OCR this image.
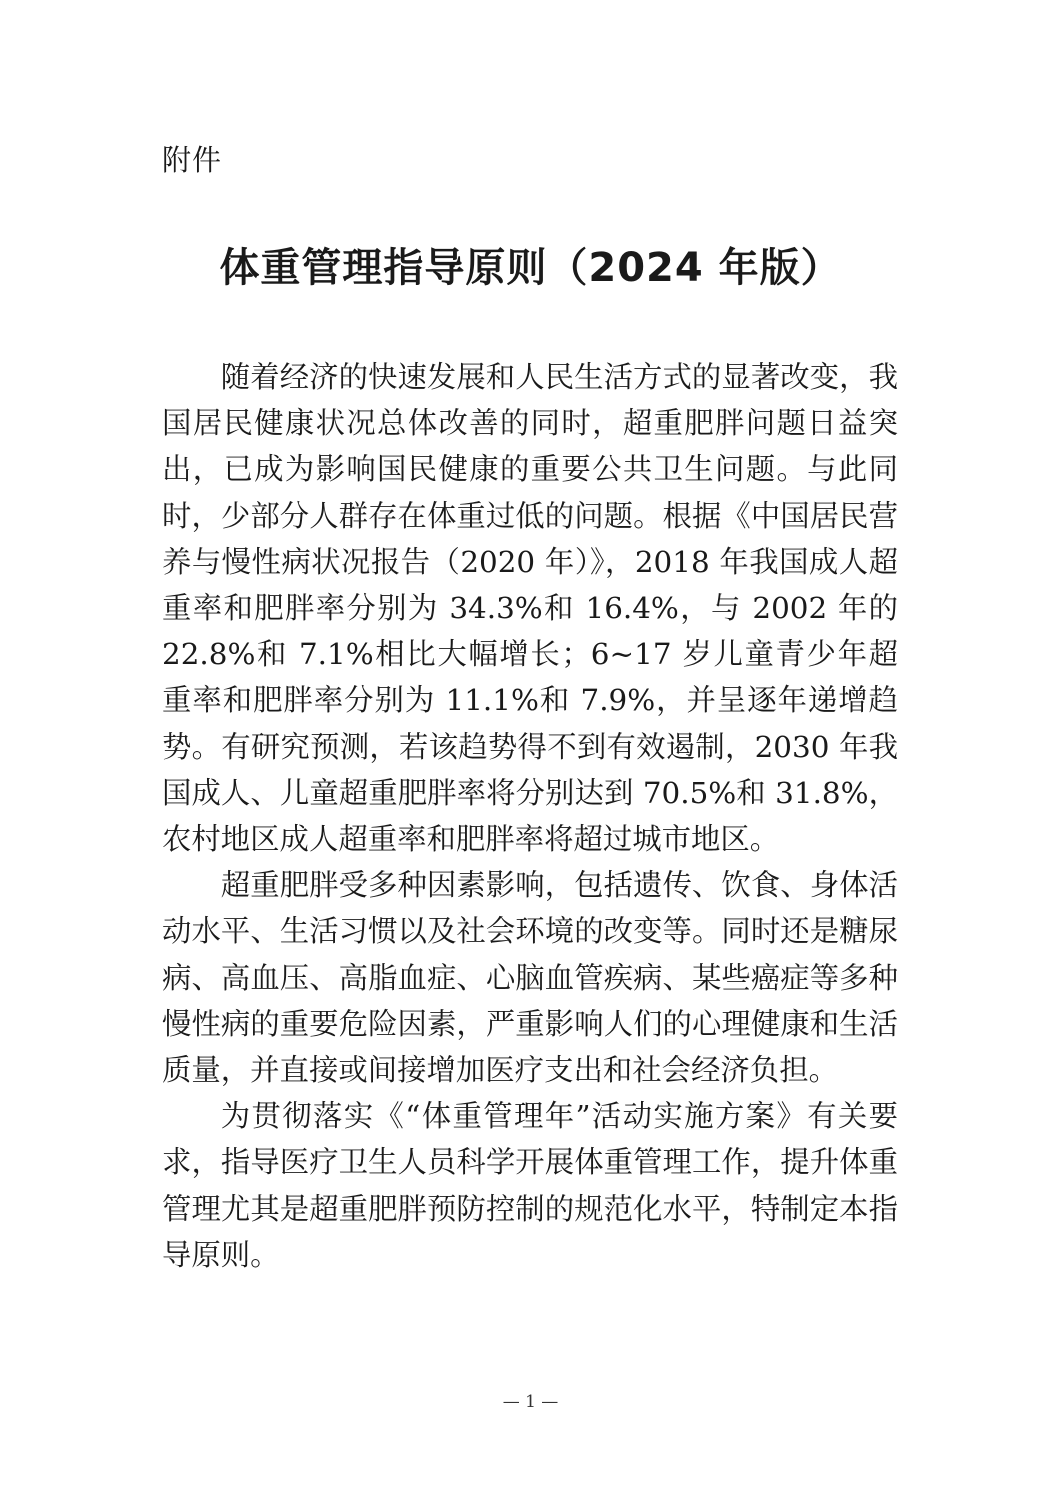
附件
体重管理指导原则（2024 年版）

随着经济的快速发展和人民生活方式的显著改变，我国居民健康状况总体改善的同时，超重肥胖问题日益突出，已成为影响国民健康的重要公共卫生问题。与此同时，少部分人群存在体重过低的问题。根据《中国居民营养与慢性病状况报告（2020 年）》，2018 年我国成人超重率和肥胖率分别为 34.3%和 16.4%，与 2002 年的 22.8%和 7.1%相比大幅增长；6~17 岁儿童青少年超重率和肥胖率分别为 11.1%和 7.9%，并呈逐年递增趋势。有研究预测，若该趋势得不到有效遏制，2030 年我国成人、儿童超重肥胖率将分别达到 70.5%和 31.8%，农村地区成人超重率和肥胖率将超过城市地区。

超重肥胖受多种因素影响，包括遗传、饮食、身体活动水平、生活习惯以及社会环境的改变等。同时还是糖尿病、高血压、高脂血症、心脑血管疾病、某些癌症等多种慢性病的重要危险因素，严重影响人们的心理健康和生活质量，并直接或间接增加医疗支出和社会经济负担。

为贯彻落实《“体重管理年”活动实施方案》有关要求，指导医疗卫生人员科学开展体重管理工作，提升体重管理尤其是超重肥胖预防控制的规范化水平，特制定本指导原则。

— 1 —
